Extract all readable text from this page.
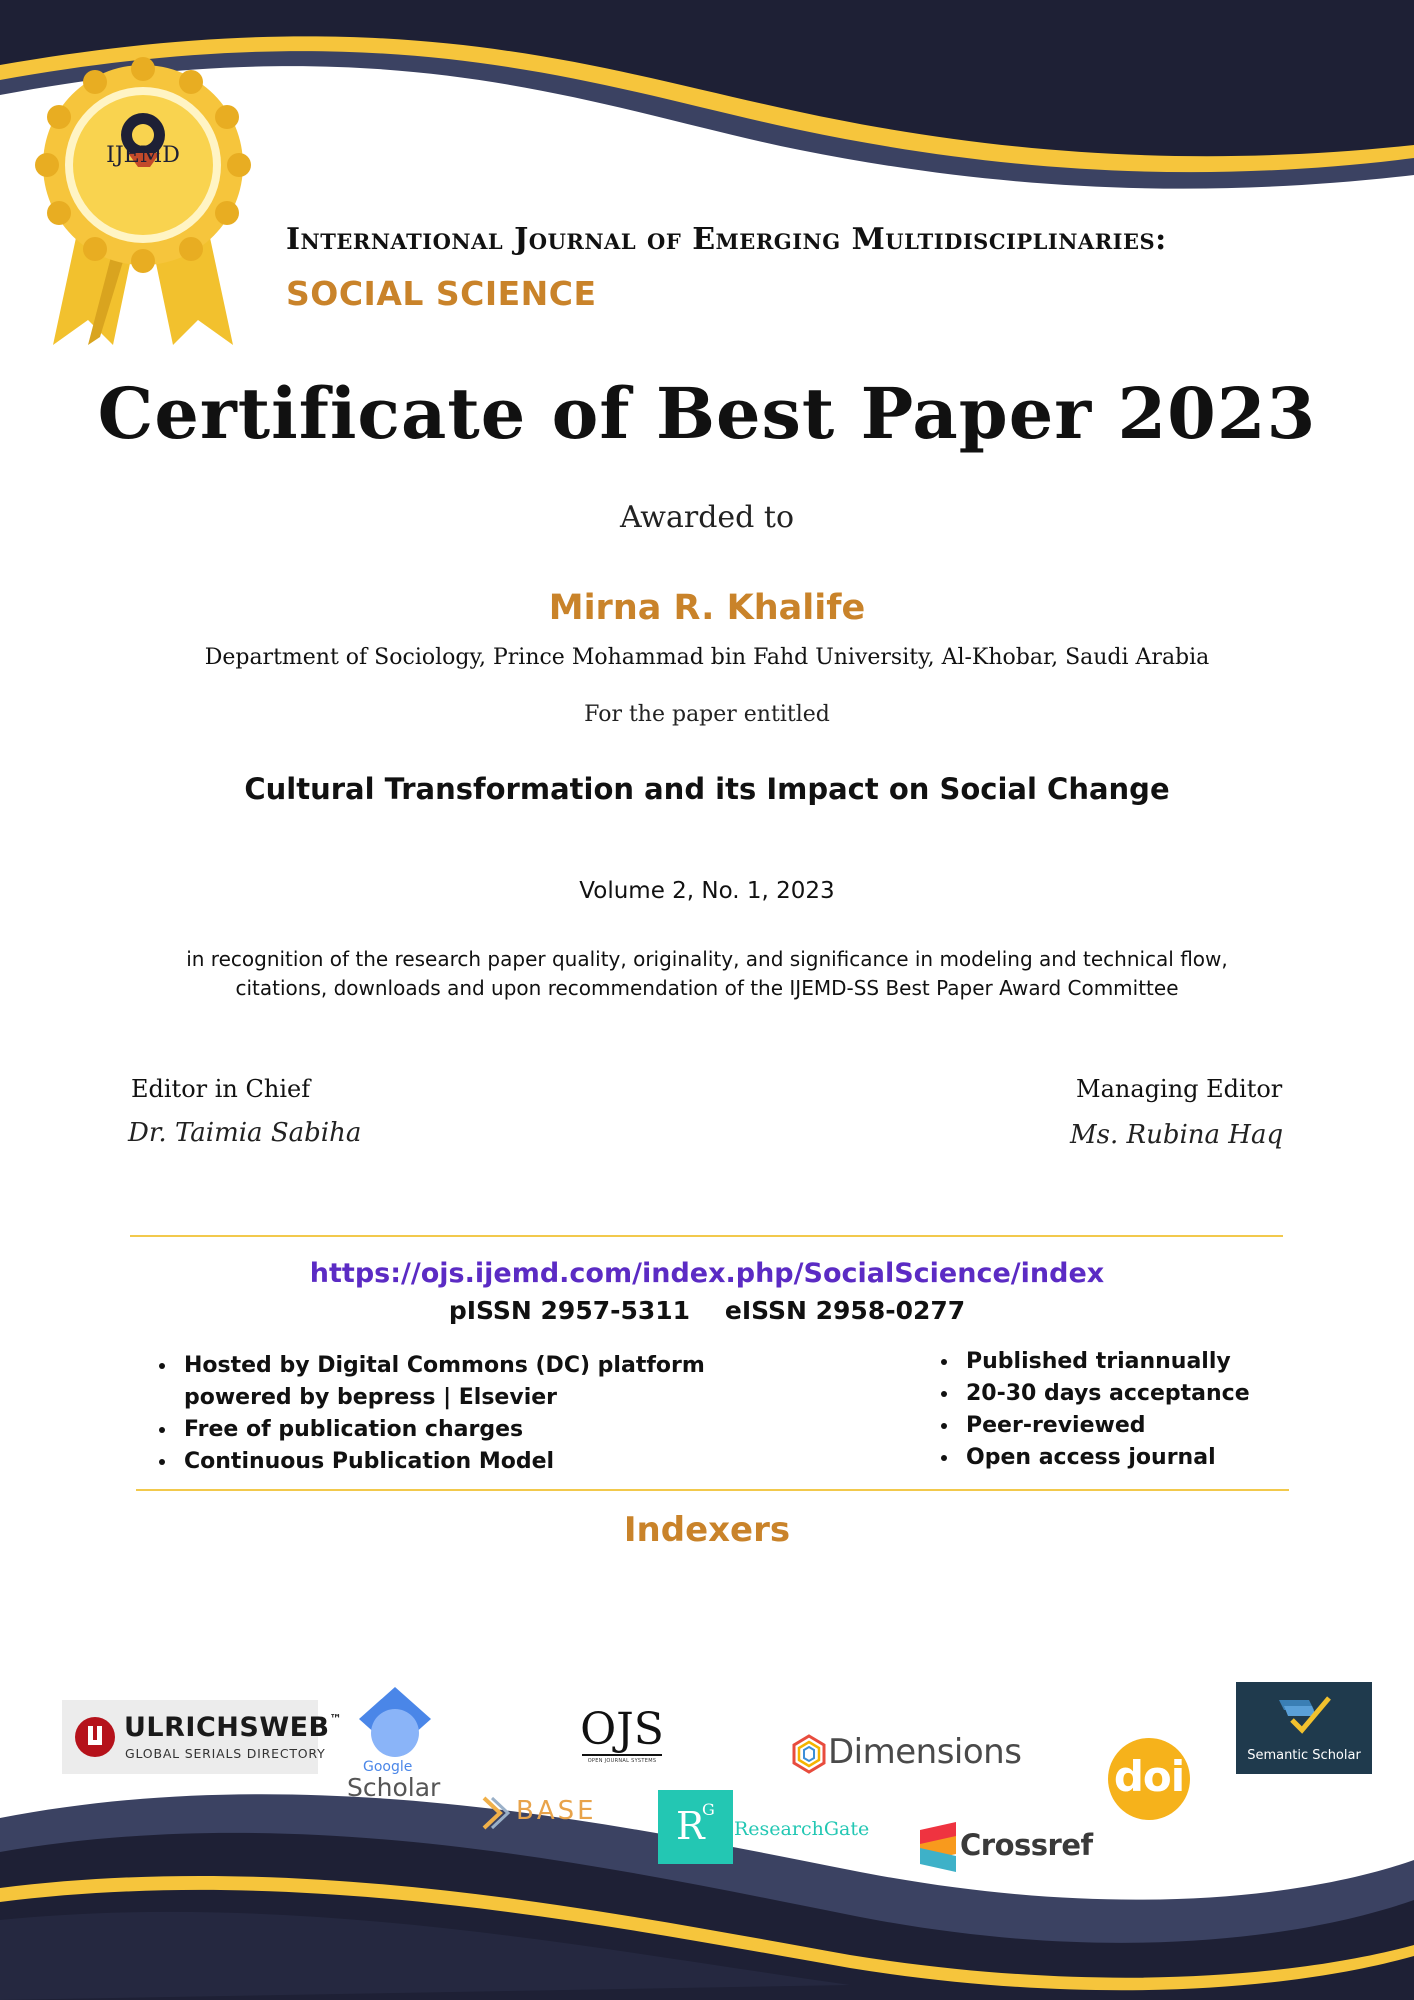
IJEMD
International Journal of Emerging Multidisciplinaries:
SOCIAL SCIENCE
Certificate of Best Paper 2023
Awarded to
Mirna R. Khalife
Department of Sociology, Prince Mohammad bin Fahd University, Al-Khobar, Saudi Arabia
For the paper entitled
Cultural Transformation and its Impact on Social Change
Volume 2, No. 1, 2023
in recognition of the research paper quality, originality, and significance in modeling and technical flow,
citations, downloads and upon recommendation of the IJEMD-SS Best Paper Award Committee
Editor in Chief
Dr. Taimia Sabiha
Managing Editor
Ms. Rubina Haq
https://ojs.ijemd.com/index.php/SocialScience/index
pISSN 2957-5311    eISSN 2958-0277
• Hosted by Digital Commons (DC) platform
powered by bepress | Elsevier
• Free of publication charges
• Continuous Publication Model
• Published triannually
• 20-30 days acceptance
• Peer-reviewed
• Open access journal
Indexers
ULRICHSWEB™
GLOBAL SERIALS DIRECTORY
Google
Scholar
OJS
OPEN JOURNAL SYSTEMS	Dimensions doi	Semantic Scholar
BASE R
G
ResearchGate	Crossref
